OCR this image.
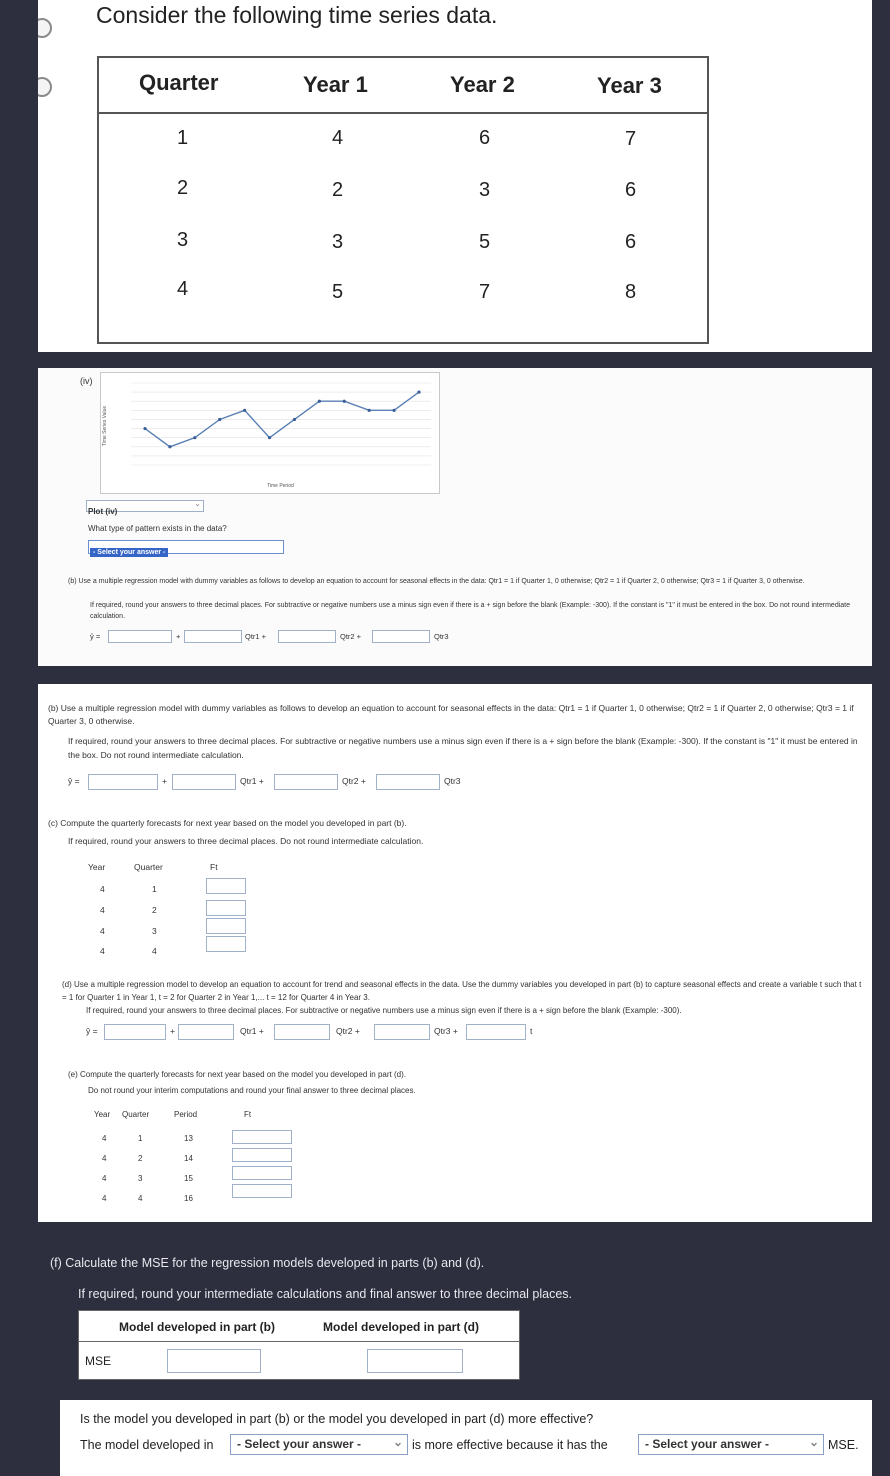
Consider the following time series data.
Quarter	Year 1	Year 2	Year 3
1	4	6	7
2	2	3	6
3	3	5	6
4	5	7	8
(iv)
Time Series Value
Time Period
⌄
Plot (iv)
What type of pattern exists in the data?
- Select your answer -
(b) Use a multiple regression model with dummy variables as follows to develop an equation to account for seasonal effects in the data: Qtr1 = 1 if Quarter 1, 0 otherwise; Qtr2 = 1 if Quarter 2, 0 otherwise; Qtr3 = 1 if Quarter 3, 0 otherwise.
If required, round your answers to three decimal places. For subtractive or negative numbers use a minus sign even if there is a + sign before the blank (Example: -300). If the constant is "1" it must be entered in the box. Do not round intermediate calculation.
ŷ =	+	Qtr1 +	Qtr2 +	Qtr3
(b) Use a multiple regression model with dummy variables as follows to develop an equation to account for seasonal effects in the data: Qtr1 = 1 if Quarter 1, 0 otherwise; Qtr2 = 1 if Quarter 2, 0 otherwise; Qtr3 = 1 if Quarter 3, 0 otherwise.
If required, round your answers to three decimal places. For subtractive or negative numbers use a minus sign even if there is a + sign before the blank (Example: -300). If the constant is "1" it must be entered in the box. Do not round intermediate calculation.
ŷ =	+	Qtr1 +	Qtr2 +	Qtr3
(c) Compute the quarterly forecasts for next year based on the model you developed in part (b).
If required, round your answers to three decimal places. Do not round intermediate calculation.
Year	Quarter	Ft
4	1
4	2
4	3
4	4
(d) Use a multiple regression model to develop an equation to account for trend and seasonal effects in the data. Use the dummy variables you developed in part (b) to capture seasonal effects and create a variable t such that t = 1 for Quarter 1 in Year 1, t = 2 for Quarter 2 in Year 1,... t = 12 for Quarter 4 in Year 3.
If required, round your answers to three decimal places. For subtractive or negative numbers use a minus sign even if there is a + sign before the blank (Example: -300).
ŷ =	+	Qtr1 +	Qtr2 +	Qtr3 +	t
(e) Compute the quarterly forecasts for next year based on the model you developed in part (d).
Do not round your interim computations and round your final answer to three decimal places.
Year Quarter	Period	Ft
4	1	13
4	2	14
4	3	15
4	4	16
(f) Calculate the MSE for the regression models developed in parts (b) and (d).
If required, round your intermediate calculations and final answer to three decimal places.
Model developed in part (b)	Model developed in part (d)
MSE
Is the model you developed in part (b) or the model you developed in part (d) more effective?
The model developed in	- Select your answer -	⌄ is more effective because it has the	- Select your answer -	⌄ MSE.
